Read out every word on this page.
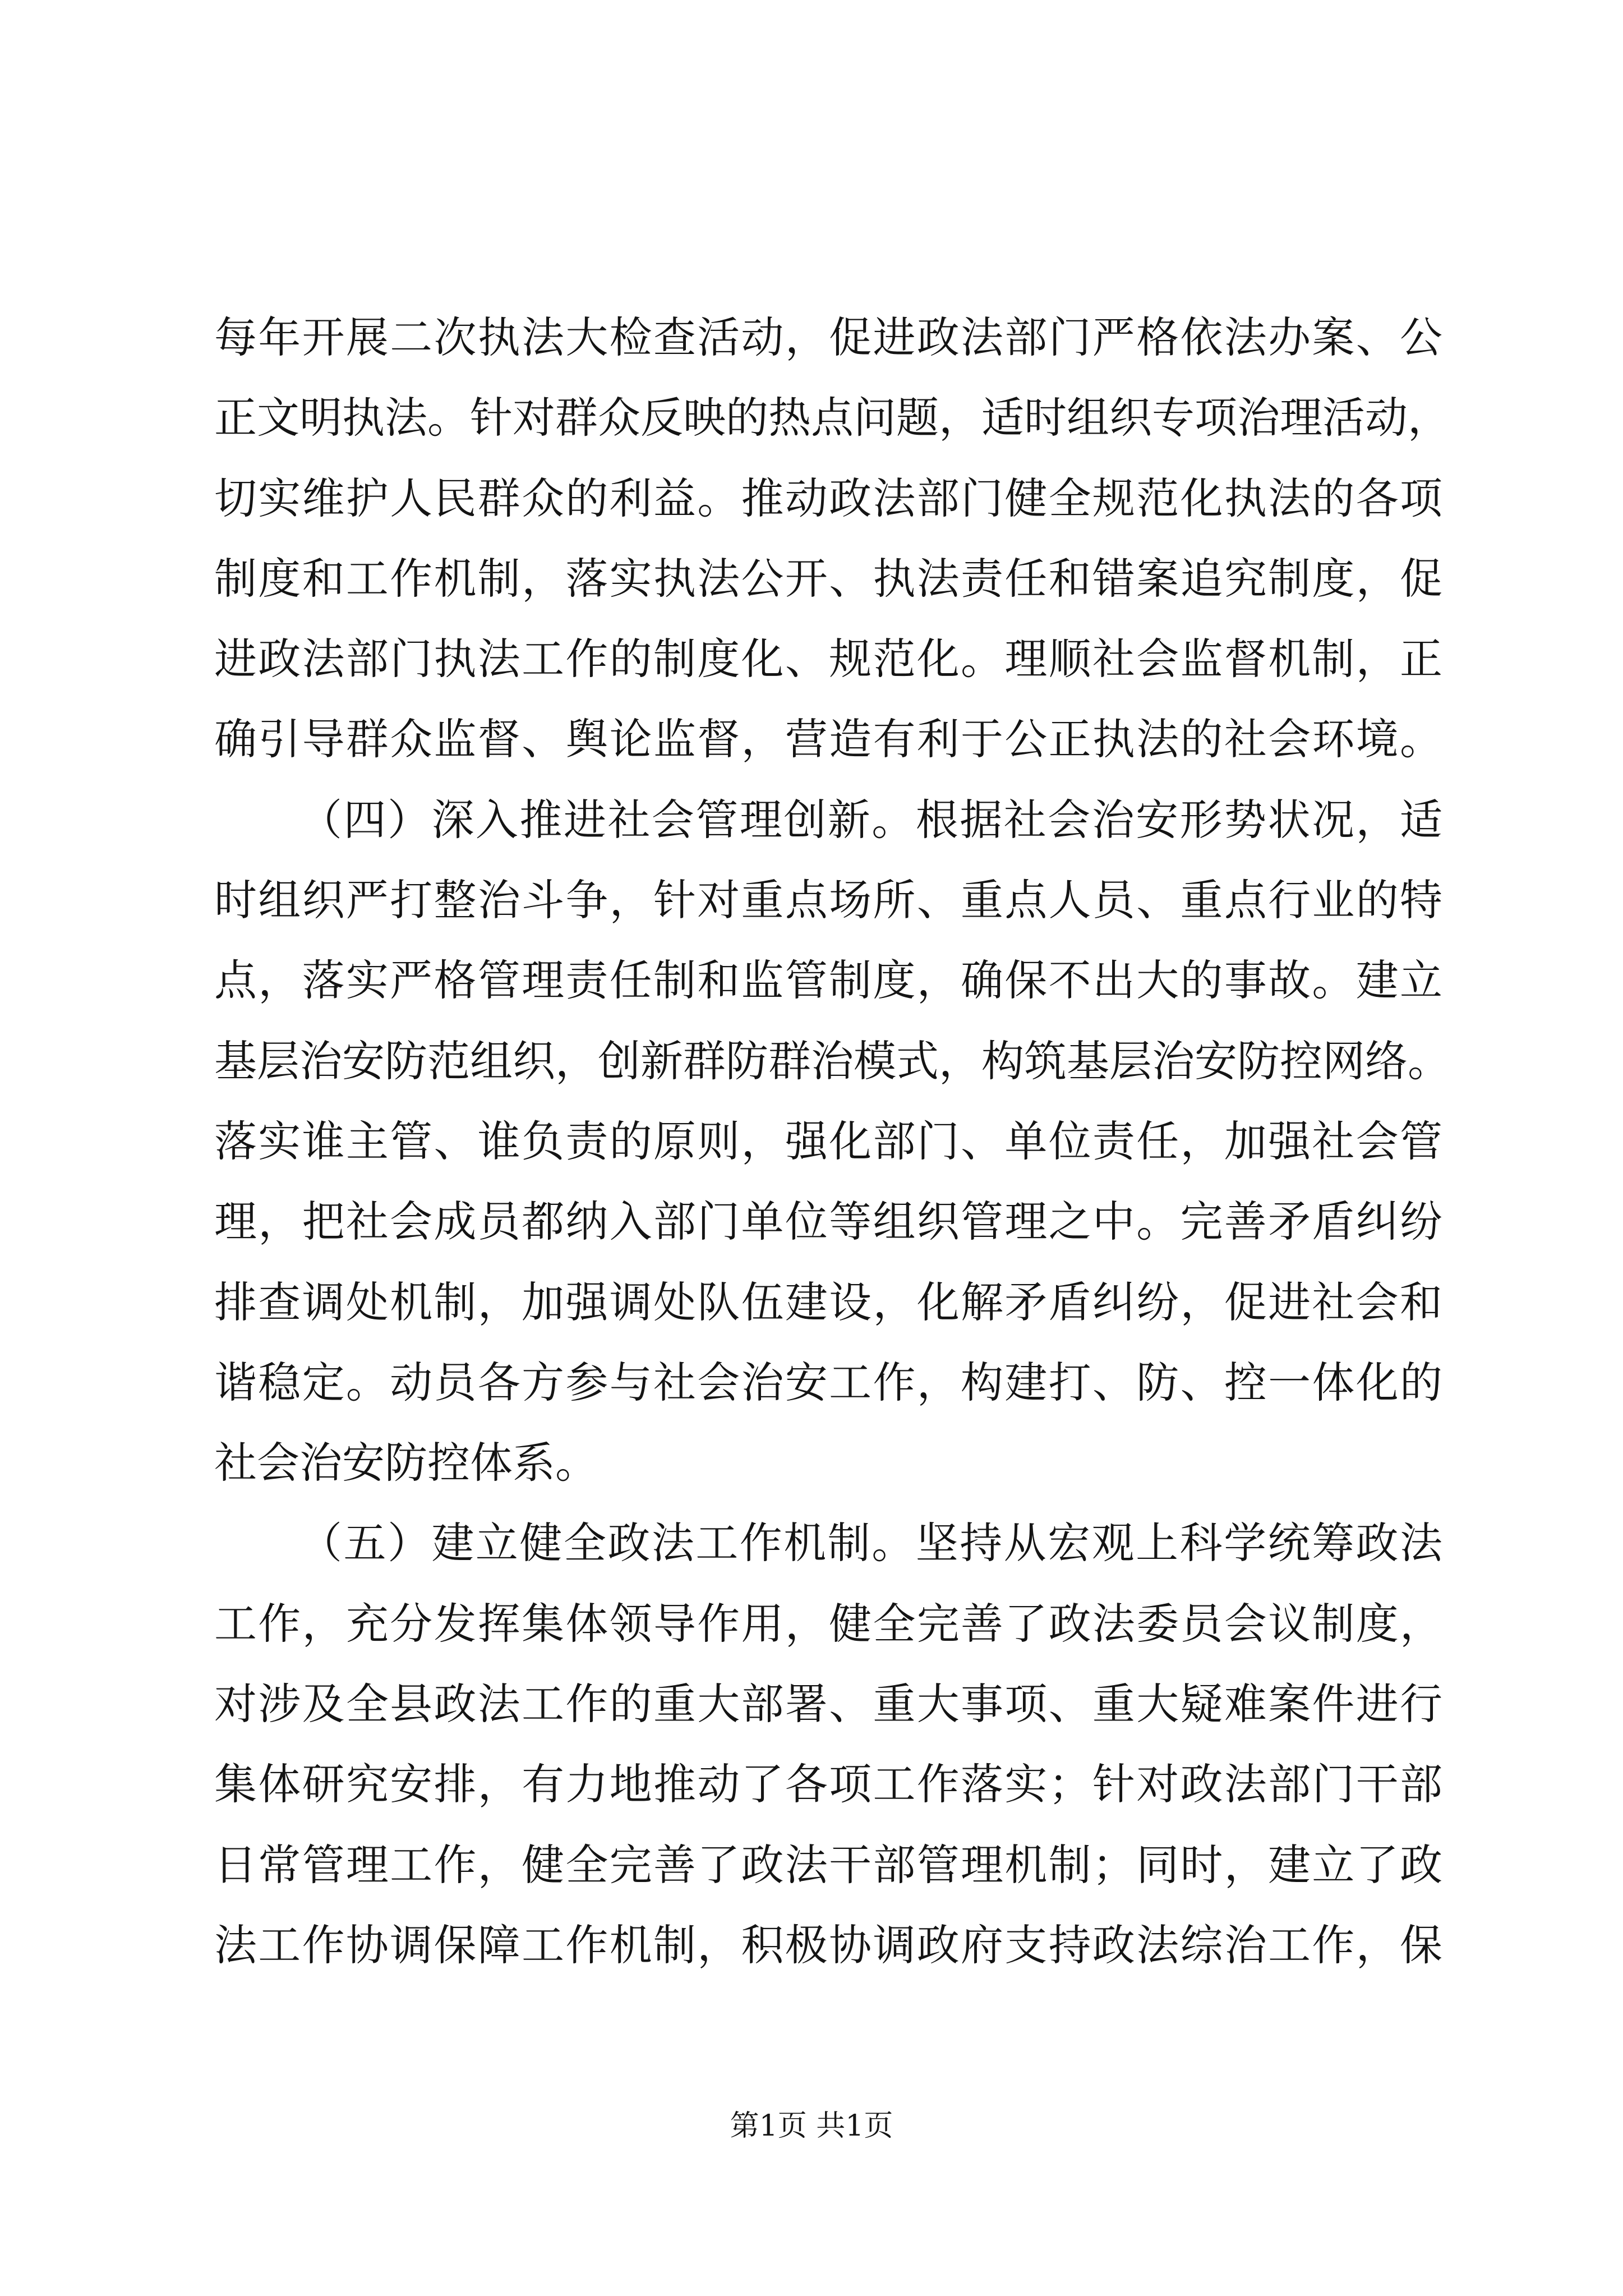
每年开展二次执法大检查活动，促进政法部门严格依法办案、公
正文明执法。针对群众反映的热点问题，适时组织专项治理活动，
切实维护人民群众的利益。推动政法部门健全规范化执法的各项
制度和工作机制，落实执法公开、执法责任和错案追究制度，促
进政法部门执法工作的制度化、规范化。理顺社会监督机制，正
确引导群众监督、舆论监督，营造有利于公正执法的社会环境。
（四）深入推进社会管理创新。根据社会治安形势状况，适
时组织严打整治斗争，针对重点场所、重点人员、重点行业的特
点，落实严格管理责任制和监管制度，确保不出大的事故。建立
基层治安防范组织，创新群防群治模式，构筑基层治安防控网络。
落实谁主管、谁负责的原则，强化部门、单位责任，加强社会管
理，把社会成员都纳入部门单位等组织管理之中。完善矛盾纠纷
排查调处机制，加强调处队伍建设，化解矛盾纠纷，促进社会和
谐稳定。动员各方参与社会治安工作，构建打、防、控一体化的
社会治安防控体系。
（五）建立健全政法工作机制。坚持从宏观上科学统筹政法
工作，充分发挥集体领导作用，健全完善了政法委员会议制度，
对涉及全县政法工作的重大部署、重大事项、重大疑难案件进行
集体研究安排，有力地推动了各项工作落实；针对政法部门干部
日常管理工作，健全完善了政法干部管理机制；同时，建立了政
法工作协调保障工作机制，积极协调政府支持政法综治工作，保
第1页 共1页
